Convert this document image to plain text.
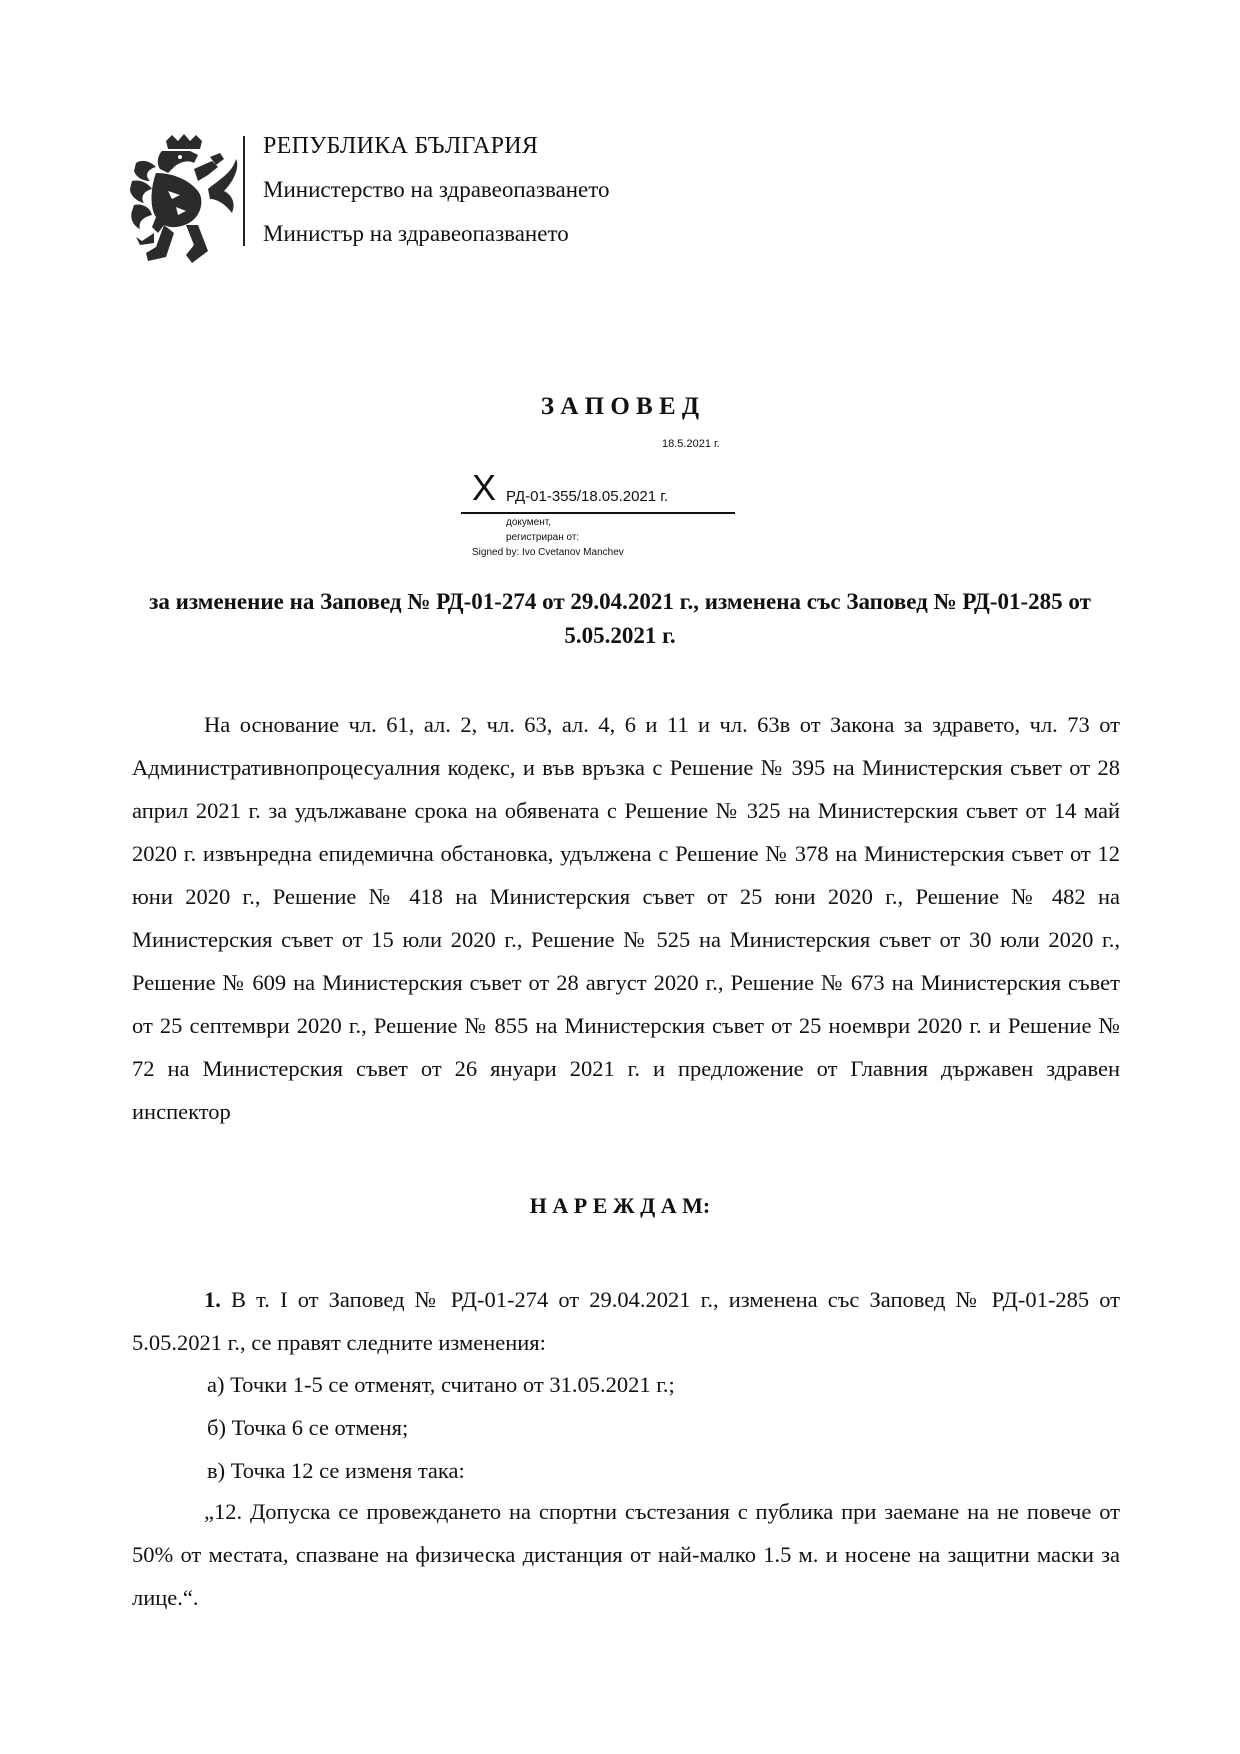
РЕПУБЛИКА БЪЛГАРИЯ
Министерство на здравеопазването
Министър на здравеопазването
З А П О В Е Д
18.5.2021 г.
X РД-01-355/18.05.2021 г.
документ,
регистриран от:
Signed by: Ivo Cvetanov Manchev
за изменение на Заповед № РД-01-274 от 29.04.2021 г., изменена със Заповед № РД-01-285 от 5.05.2021 г.
На основание чл. 61, ал. 2, чл. 63, ал. 4, 6 и 11 и чл. 63в от Закона за здравето, чл. 73 от Административнопроцесуалния кодекс, и във връзка с Решение № 395 на Министерския съвет от 28 април 2021 г. за удължаване срока на обявената с Решение № 325 на Министерския съвет от 14 май 2020 г. извънредна епидемична обстановка, удължена с Решение № 378 на Министерския съвет от 12 юни 2020 г., Решение № 418 на Министерския съвет от 25 юни 2020 г., Решение № 482 на Министерския съвет от 15 юли 2020 г., Решение № 525 на Министерския съвет от 30 юли 2020 г., Решение № 609 на Министерския съвет от 28 август 2020 г., Решение № 673 на Министерския съвет от 25 септември 2020 г., Решение № 855 на Министерския съвет от 25 ноември 2020 г. и Решение № 72 на Министерския съвет от 26 януари 2021 г. и предложение от Главния държавен здравен инспектор
Н А Р Е Ж Д А М:
1. В т. I от Заповед № РД-01-274 от 29.04.2021 г., изменена със Заповед № РД-01-285 от 5.05.2021 г., се правят следните изменения:
а) Точки 1-5 се отменят, считано от 31.05.2021 г.;
б) Точка 6 се отменя;
в) Точка 12 се изменя така:
„12. Допуска се провеждането на спортни състезания с публика при заемане на не повече от 50% от местата, спазване на физическа дистанция от най-малко 1.5 м. и носене на защитни маски за лице.“.
